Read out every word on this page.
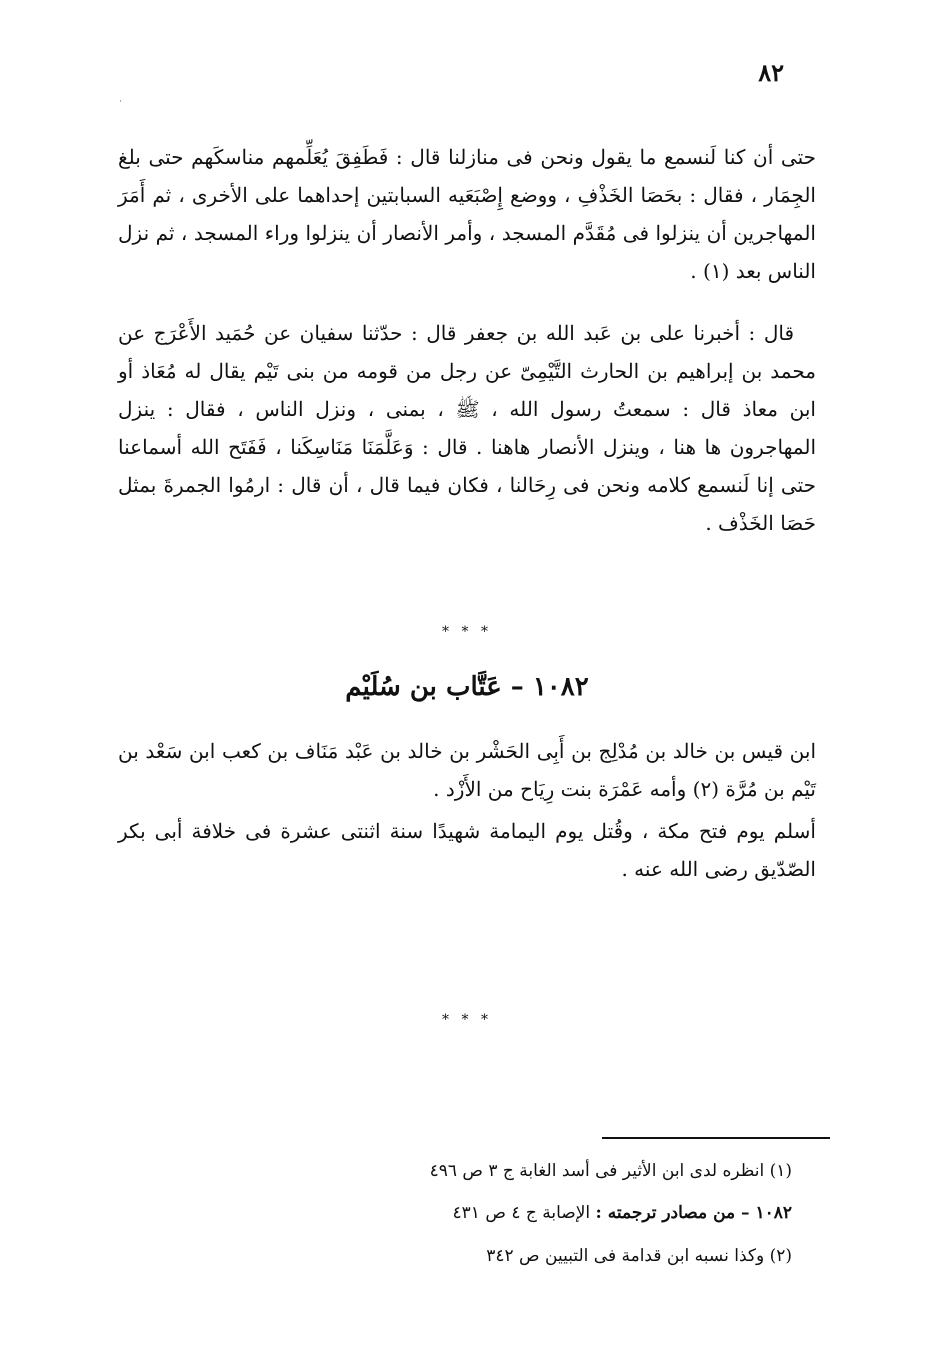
٨٢
˙

حتى أن كنا لَنسمع ما يقول ونحن فى منازلنا قال : فَطَفِقَ يُعَلِّمهم مناسكَهم حتى بلغ الجِمَار ، فقال : بحَصَا الخَذْفِ ، ووضع إِصْبَعَيه السبابتين إحداهما على الأخرى ، ثم أَمَرَ المهاجرين أن ينزلوا فى مُقَدَّم المسجد ، وأمر الأنصار أن ينزلوا وراء المسجد ، ثم نزل الناس بعد (١) .

قال : أخبرنا على بن عَبد الله بن جعفر قال : حدّثنا سفيان عن حُمَيد الأَعْرَج عن محمد بن إبراهيم بن الحارث التَّيْمِىّ عن رجل من قومه من بنى تَيْم يقال له مُعَاذ أو ابن معاذ قال : سمعتُ رسول الله ، ﷺ ، بمنى ، ونزل الناس ، فقال : ينزل المهاجرون ها هنا ، وينزل الأنصار هاهنا . قال : وَعَلَّمَنَا مَنَاسِكَنا ، فَفَتَح الله أسماعنا حتى إنا لَنسمع كلامه ونحن فى رِحَالنا ، فكان فيما قال ، أن قال : ارمُوا الجمرةَ بمثل حَصَا الخَذْف .

* * *
١٠٨٢ – عَتَّاب بن سُلَيْم

ابن قيس بن خالد بن مُدْلِج بن أَبِى الحَشْر بن خالد بن عَبْد مَنَاف بن كعب ابن سَعْد بن تَيْم بن مُرَّة (٢) وأمه عَمْرَة بنت رِيَاح من الأَزْد .

أسلم يوم فتح مكة ، وقُتل يوم اليمامة شهيدًا سنة اثنتى عشرة فى خلافة أبى بكر الصّدّيق رضى الله عنه .

* * *
(١) انظره لدى ابن الأثير فى أسد الغابة ج ٣ ص ٤٩٦
١٠٨٢ – من مصادر ترجمته : الإصابة ج ٤ ص ٤٣١
(٢) وكذا نسبه ابن قدامة فى التبيين ص ٣٤٢
